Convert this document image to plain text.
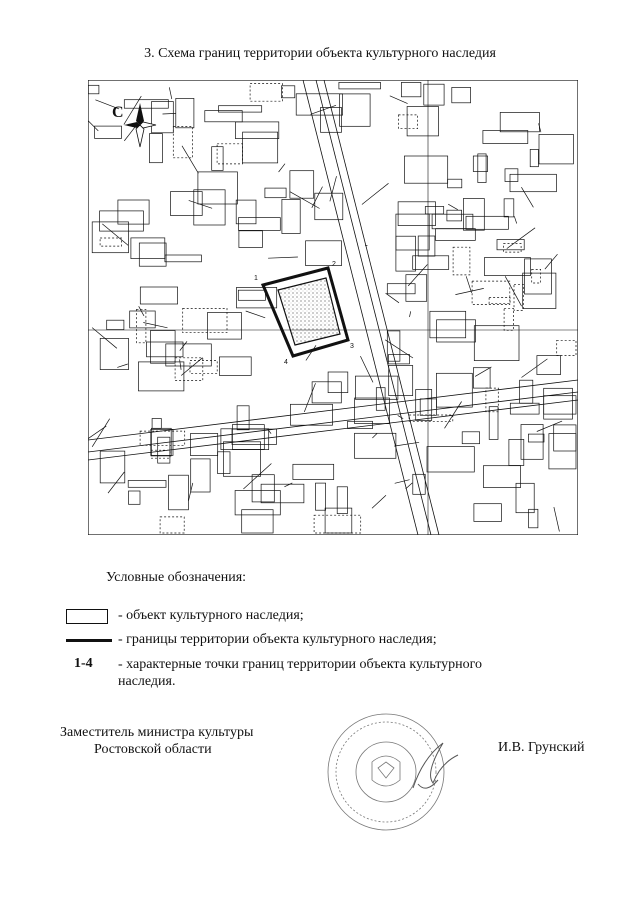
3. Схема границ территории объекта культурного наследия
1
2
3
4
С
Условные обозначения:
- объект культурного наследия;
- границы территории объекта культурного наследия;
1-4 - характерные точки границ территории объекта культурного наследия.
Заместитель министра культуры
Ростовской области	И.В. Грунский
